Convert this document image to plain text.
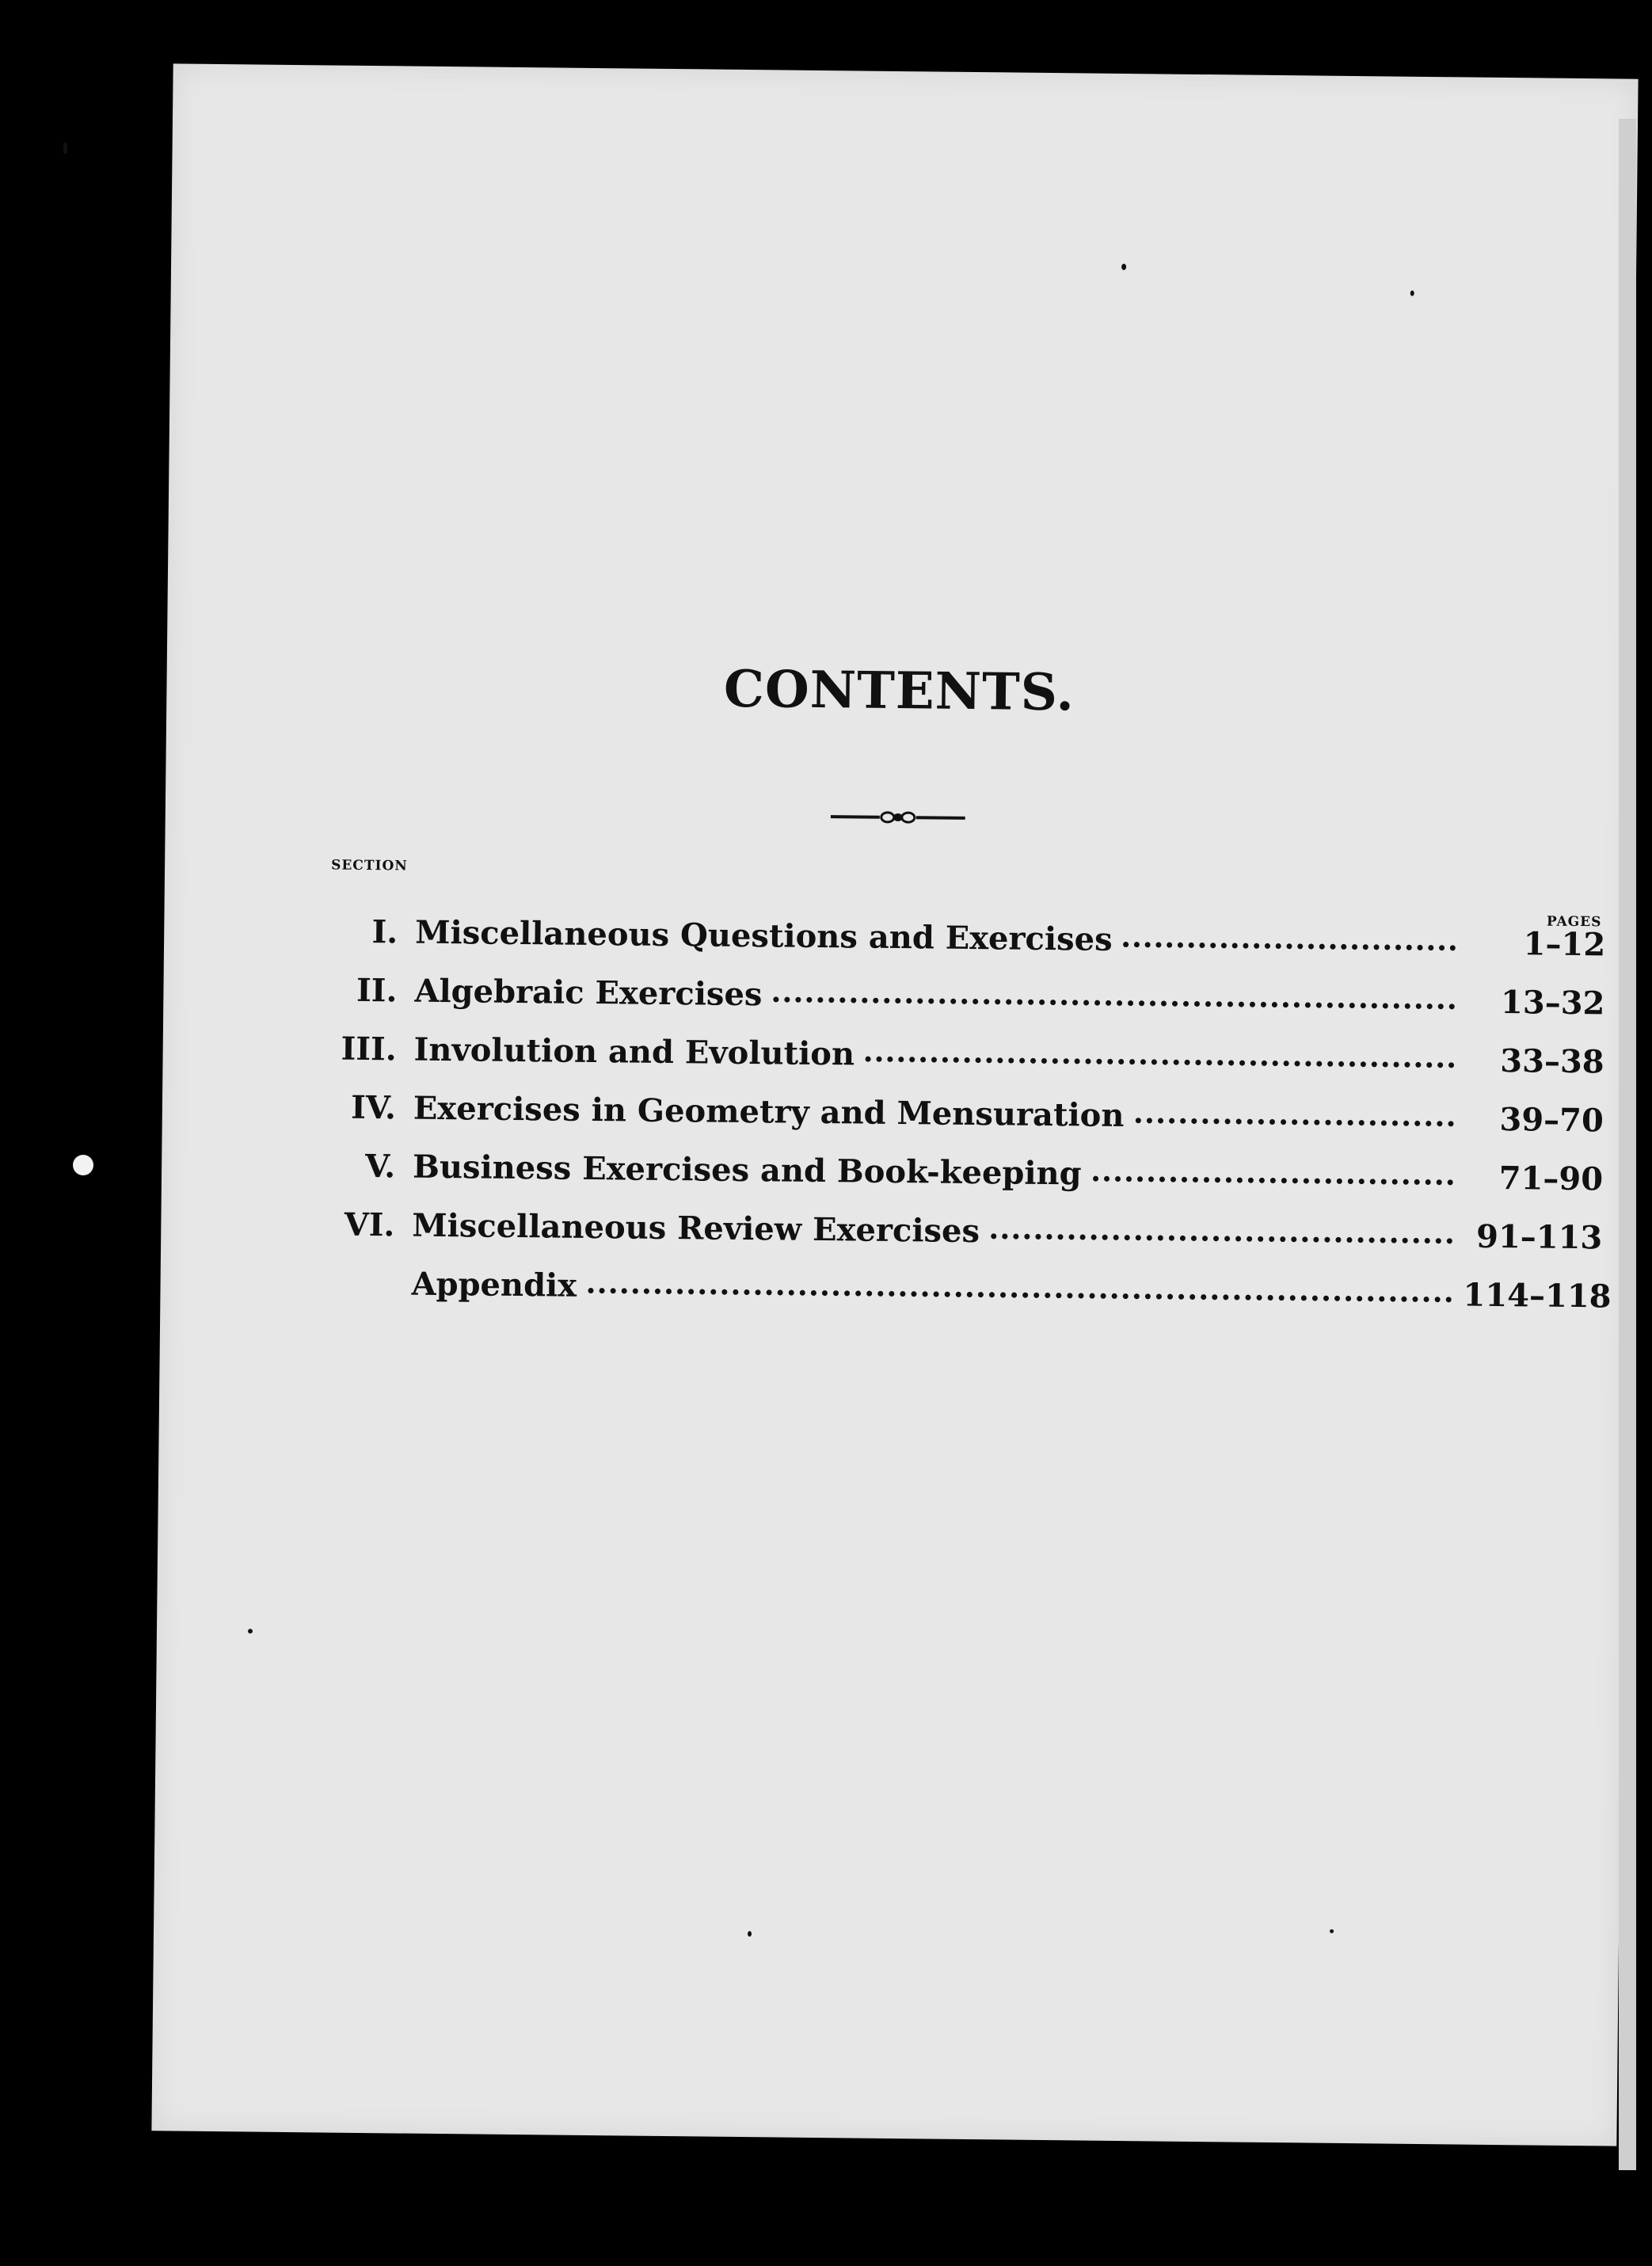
CONTENTS.
SECTION
PAGES
I. Miscellaneous Questions and Exercises	1–12
II. Algebraic Exercises	13–32
III. Involution and Evolution	33–38
IV. Exercises in Geometry and Mensuration	39–70
V. Business Exercises and Book-keeping	71–90
VI. Miscellaneous Review Exercises	91–113
Appendix	114–118
